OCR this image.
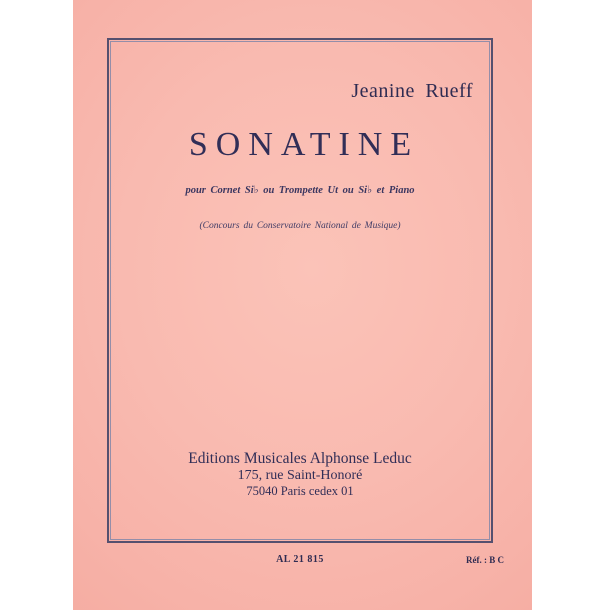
Jeanine Rueff
SONATINE
pour Cornet Si♭ ou Trompette Ut ou Si♭ et Piano
(Concours du Conservatoire National de Musique)
Editions Musicales Alphonse Leduc
175, rue Saint-Honoré
75040 Paris cedex 01
AL 21 815	Réf. : B C
